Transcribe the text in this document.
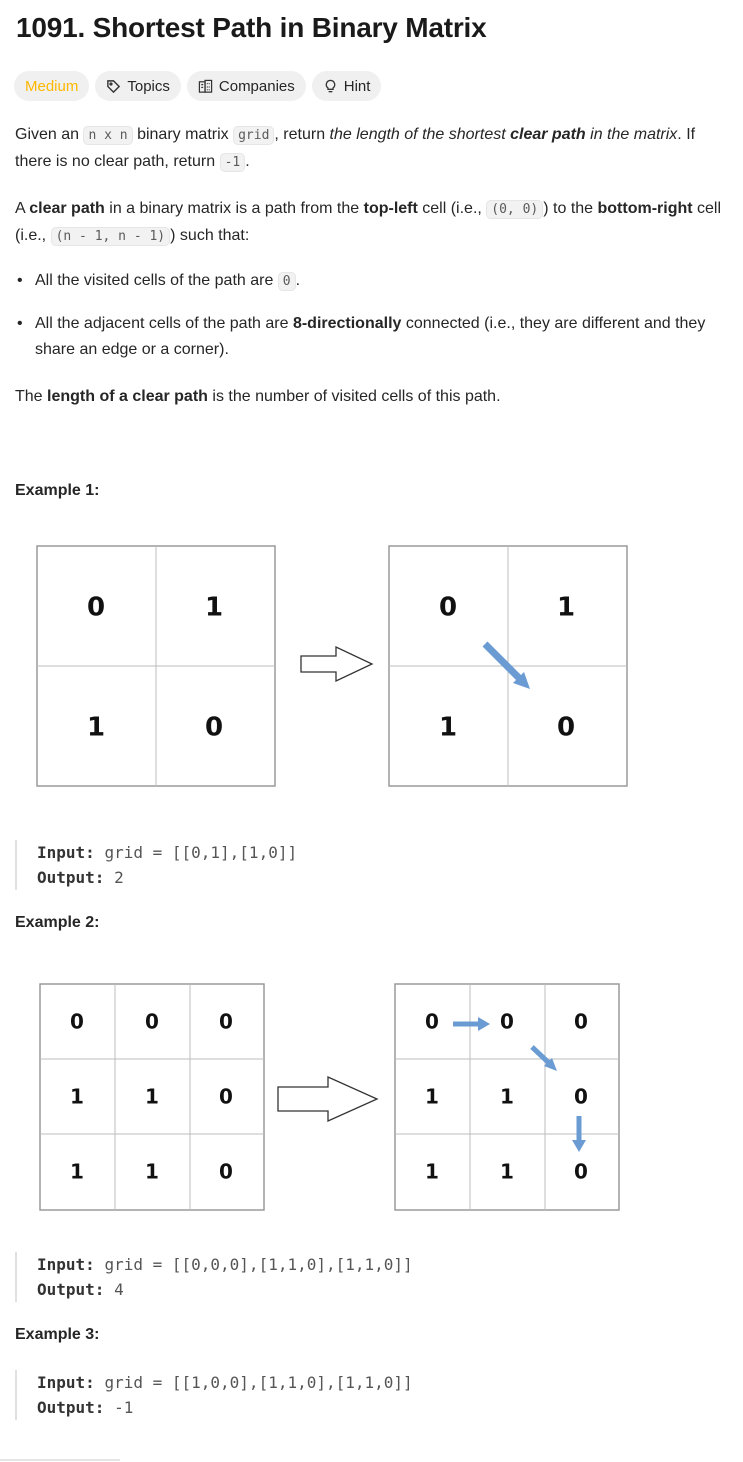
1091. Shortest Path in Binary Matrix
Medium	Topics	Companies	Hint

Given an n x n binary matrix grid , return the length of the shortest clear path in the matrix. If there is no clear path, return -1 .

A clear path in a binary matrix is a path from the top-left cell (i.e., (0, 0) ) to the bottom-right cell (i.e., (n - 1, n - 1) ) such that:

• All the visited cells of the path are 0 .
• All the adjacent cells of the path are 8-directionally connected (i.e., they are different and they share an edge or a corner).

The length of a clear path is the number of visited cells of this path.

Example 1:

0	1
1	0
0	1
1	0
Input: grid = [[0,1],[1,0]]
Output: 2

Example 2:

0	0	0
1	1	0
1	1	0
0	0	0
1	1	0
1	1	0
Input: grid = [[0,0,0],[1,1,0],[1,1,0]]
Output: 4

Example 3:

Input: grid = [[1,0,0],[1,1,0],[1,1,0]]
Output: -1
